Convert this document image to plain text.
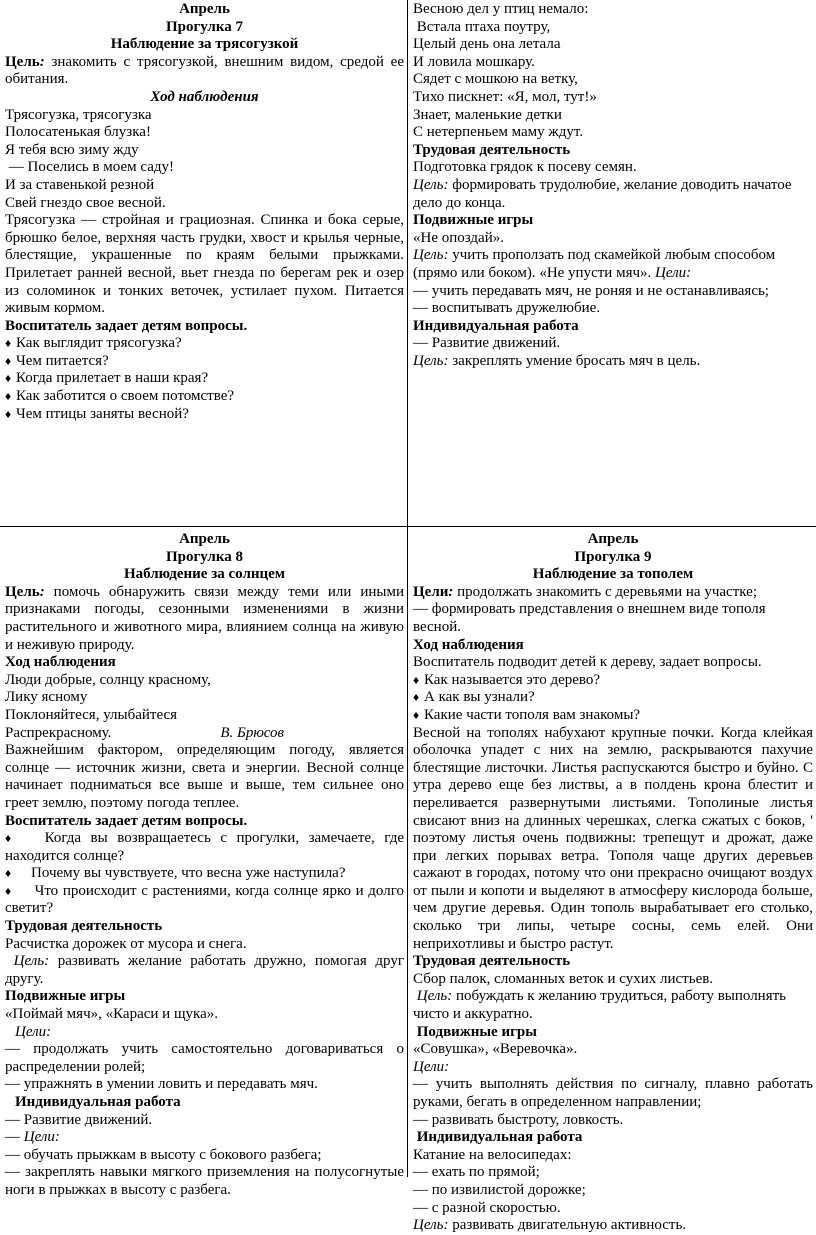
Апрель
Прогулка 7
Наблюдение за трясогузкой

Цель: знакомить с трясогузкой, внешним видом, средой ее обитания.

Ход наблюдения
Трясогузка, трясогузка
Полосатенькая блузка!
Я тебя всю зиму жду
— Поселись в моем саду!
И за ставенькой резной
Свей гнездо свое весной.

Трясогузка — стройная и грациозная. Спинка и бока серые, брюшко белое, верхняя часть грудки, хвост и крылья черные, блестящие, украшенные по краям белыми прыжками. Прилетает ранней весной, вьет гнезда по берегам рек и озер из соломинок и тонких веточек, устилает пухом. Питается живым кормом.

Воспитатель задает детям вопросы.
♦ Как выглядит трясогузка?
♦ Чем питается?
♦ Когда прилетает в наши края?
♦ Как заботится о своем потомстве?
♦ Чем птицы заняты весной?
Весною дел у птиц немало:
Встала птаха поутру,
Целый день она летала
И ловила мошкару.
Сядет с мошкою на ветку,
Тихо пискнет: «Я, мол, тут!»
Знает, маленькие детки
С нетерпеньем маму ждут.
Трудовая деятельность
Подготовка грядок к посеву семян.

Цель: формировать трудолюбие, желание доводить начатое дело до конца.

Подвижные игры
«Не опоздай».

Цель: учить проползать под скамейкой любым способом (прямо или боком). «Не упусти мяч». Цели:

— учить передавать мяч, не роняя и не останавливаясь;
— воспитывать дружелюбие.
Индивидуальная работа
— Развитие движений.

Цель: закреплять умение бросать мяч в цель.

Апрель
Прогулка 8
Наблюдение за солнцем

Цель: помочь обнаружить связи между теми или иными признаками погоды, сезонными изменениями в жизни растительного и животного мира, влиянием солнца на живую и неживую природу.

Ход наблюдения
Люди добрые, солнцу красному,
Лику ясному
Поклоняйтеся, улыбайтеся
Распрекрасному.	В. Брюсов

Важнейшим фактором, определяющим погоду, является солнце — источник жизни, света и энергии. Весной солнце начинает подниматься все выше и выше, тем сильнее оно греет землю, поэтому погода теплее.

Воспитатель задает детям вопросы.

♦ Когда вы возвращаетесь с прогулки, замечаете, где находится солнце?

♦ Почему вы чувствуете, что весна уже наступила?

♦ Что происходит с растениями, когда солнце ярко и долго светит?

Трудовая деятельность
Расчистка дорожек от мусора и снега.

Цель: развивать желание работать дружно, помогая друг другу.

Подвижные игры
«Поймай мяч», «Караси и щука».
Цели:

— продолжать учить самостоятельно договариваться о распределении ролей;

— упражнять в умении ловить и передавать мяч.
Индивидуальная работа
— Развитие движений.
— Цели:
— обучать прыжкам в высоту с бокового разбега;

— закреплять навыки мягкого приземления на полусогнутые ноги в прыжках в высоту с разбега.

Апрель
Прогулка 9
Наблюдение за тополем
Цели: продолжать знакомить с деревьями на участке;
— формировать представления о внешнем виде тополя весной.
Ход наблюдения
Воспитатель подводит детей к дереву, задает вопросы.
♦ Как называется это дерево?
♦ А как вы узнали?
♦ Какие части тополя вам знакомы?

Весной на тополях набухают крупные почки. Когда клейкая оболочка упадет с них на землю, раскрываются пахучие блестящие листочки. Листья распускаются быстро и буйно. С утра дерево еще без листвы, а в полдень крона блестит и переливается развернутыми листьями. Тополиные листья свисают вниз на длинных черешках, слегка сжатых с боков, ' поэтому листья очень подвижны: трепещут и дрожат, даже при легких порывах ветра. Тополя чаще других деревьев сажают в городах, потому что они прекрасно очищают воздух от пыли и копоти и выделяют в атмосферу кислорода больше, чем другие деревья. Один тополь вырабатывает его столько, сколько три липы, четыре сосны, семь елей. Они неприхотливы и быстро растут.

Трудовая деятельность
Сбор палок, сломанных веток и сухих листьев.

Цель: побуждать к желанию трудиться, работу выполнять чисто и аккуратно.

Подвижные игры
«Совушка», «Веревочка».
Цели:

— учить выполнять действия по сигналу, плавно работать руками, бегать в определенном направлении;

— развивать быстроту, ловкость.
Индивидуальная работа
Катание на велосипедах:
— ехать по прямой;
— по извилистой дорожке;
— с разной скоростью.
Цель: развивать двигательную активность.
